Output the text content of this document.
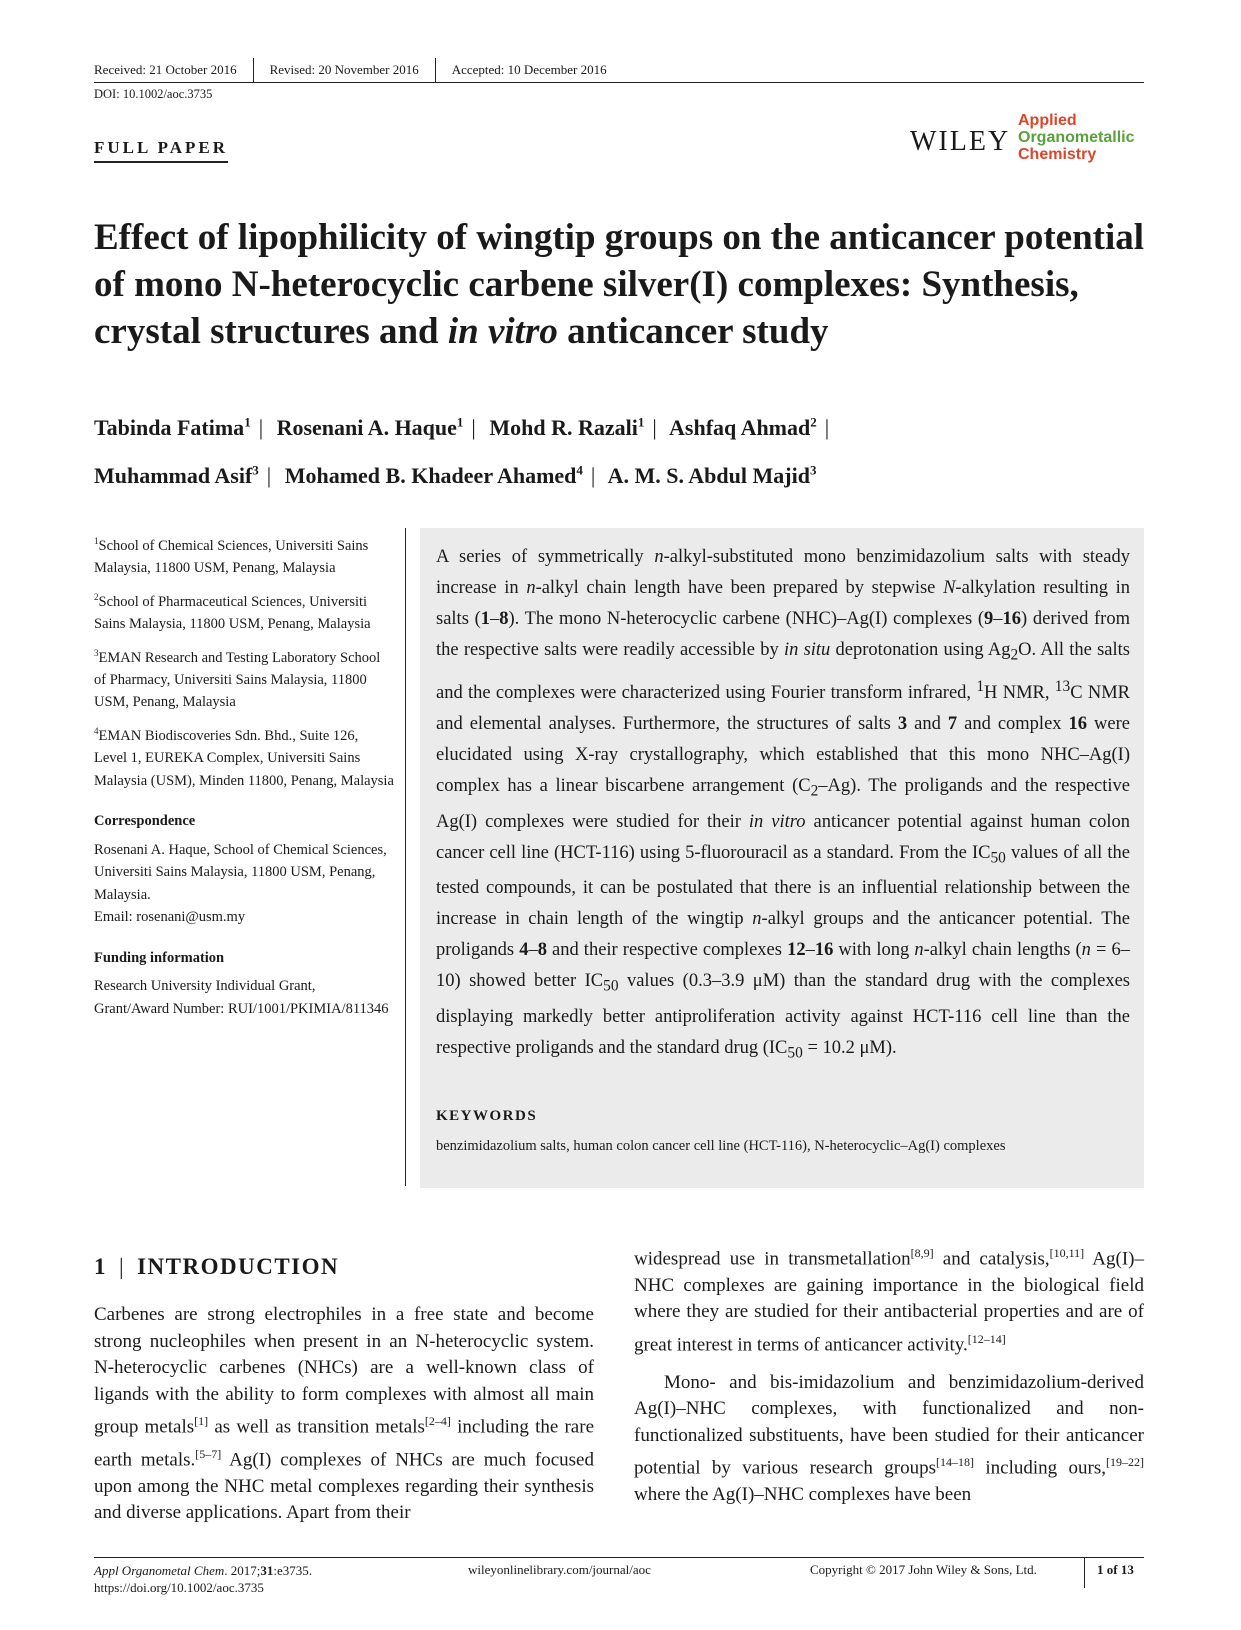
Received: 21 October 2016	Revised: 20 November 2016	Accepted: 10 December 2016
DOI: 10.1002/aoc.3735
FULL PAPER	WILEY
Applied
Organometallic
Chemistry
Effect of lipophilicity of wingtip groups on the anticancer potential of mono N-heterocyclic carbene silver(I) complexes: Synthesis, crystal structures and in vitro anticancer study
Tabinda Fatima$^1$ | Rosenani A. Haque$^1$ | Mohd R. Razali$^1$ | Ashfaq Ahmad$^2$ |
Muhammad Asif$^3$ | Mohamed B. Khadeer Ahamed$^4$ | A. M. S. Abdul Majid$^3$

$^1$School of Chemical Sciences, Universiti Sains Malaysia, 11800 USM, Penang, Malaysia

$^2$School of Pharmaceutical Sciences, Universiti Sains Malaysia, 11800 USM, Penang, Malaysia

$^3$EMAN Research and Testing Laboratory School of Pharmacy, Universiti Sains Malaysia, 11800 USM, Penang, Malaysia

$^4$EMAN Biodiscoveries Sdn. Bhd., Suite 126, Level 1, EUREKA Complex, Universiti Sains Malaysia (USM), Minden 11800, Penang, Malaysia

Correspondence

Rosenani A. Haque, School of Chemical Sciences, Universiti Sains Malaysia, 11800 USM, Penang, Malaysia.
Email: rosenani@usm.my

Funding information

Research University Individual Grant, Grant/Award Number: RUI/1001/PKIMIA/811346

A series of symmetrically n-alkyl-substituted mono benzimidazolium salts with steady increase in n-alkyl chain length have been prepared by stepwise N-alkylation resulting in salts (1–8). The mono N-heterocyclic carbene (NHC)–Ag(I) complexes (9–16) derived from the respective salts were readily accessible by in situ deprotonation using $Ag_2O$. All the salts and the complexes were characterized using Fourier transform infrared, $^1$H NMR, $^{13}$C NMR and elemental analyses. Furthermore, the structures of salts 3 and 7 and complex 16 were elucidated using X-ray crystallography, which established that this mono NHC–Ag(I) complex has a linear biscarbene arrangement $(C_2-Ag)$. The proligands and the respective Ag(I) complexes were studied for their in vitro anticancer potential against human colon cancer cell line (HCT-116) using 5-fluorouracil as a standard. From the $IC_{50}$ values of all the tested compounds, it can be postulated that there is an influential relationship between the increase in chain length of the wingtip n-alkyl groups and the anticancer potential. The proligands 4–8 and their respective complexes 12–16 with long n-alkyl chain lengths (n = 6–10) showed better $IC_{50}$ values (0.3–3.9 μM) than the standard drug with the complexes displaying markedly better antiproliferation activity against HCT-116 cell line than the respective proligands and the standard drug ($IC_{50} = 10.2$ μM).
KEYWORDS
benzimidazolium salts, human colon cancer cell line (HCT-116), N-heterocyclic–Ag(I) complexes
1 | INTRODUCTION
Carbenes are strong electrophiles in a free state and become strong nucleophiles when present in an N-heterocyclic system. N-heterocyclic carbenes (NHCs) are a well-known class of ligands with the ability to form complexes with almost all main group metals[1] as well as transition metals[2–4] including the rare earth metals.[5–7] Ag(I) complexes of NHCs are much focused upon among the NHC metal complexes regarding their synthesis and diverse applications. Apart from their

widespread use in transmetallation[8,9] and catalysis,[10,11] Ag(I)–NHC complexes are gaining importance in the biological field where they are studied for their antibacterial properties and are of great interest in terms of anticancer activity.[12–14]

Mono- and bis-imidazolium and benzimidazolium-derived Ag(I)–NHC complexes, with functionalized and non-functionalized substituents, have been studied for their anticancer potential by various research groups[14–18] including ours,[19–22] where the Ag(I)–NHC complexes have been

Appl Organometal Chem. 2017;31:e3735.
https://doi.org/10.1002/aoc.3735
wileyonlinelibrary.com/journal/aoc	Copyright © 2017 John Wiley & Sons, Ltd.	1 of 13
